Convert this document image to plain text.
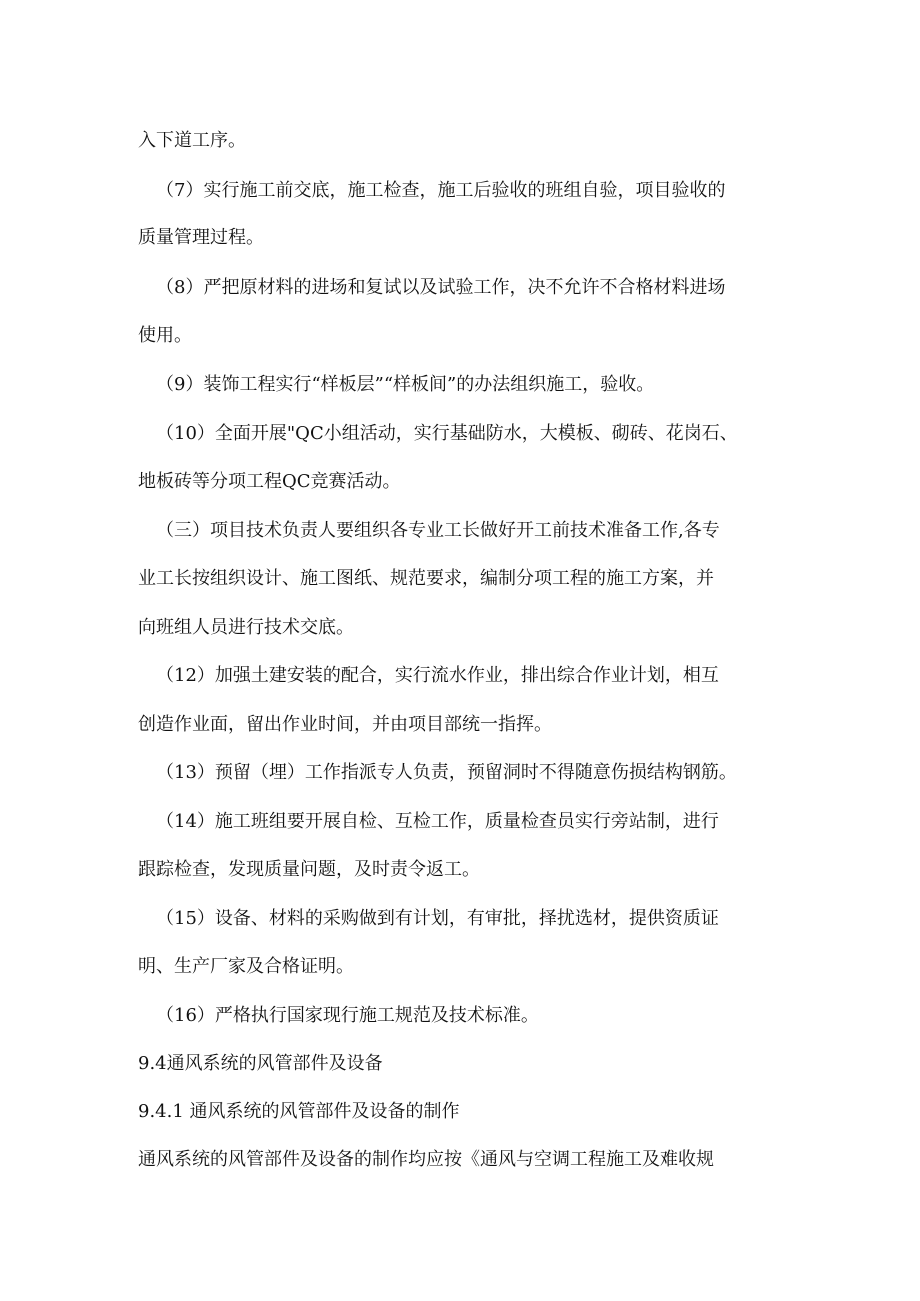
入下道工序。

（7）实行施工前交底，施工检查，施工后验收的班组自验，项目验收的

质量管理过程。

（8）严把原材料的进场和复试以及试验工作，决不允许不合格材料进场

使用。

（9）装饰工程实行“样板层”“样板间”的办法组织施工，验收。

（10）全面开展"QC小组活动，实行基础防水，大模板、砌砖、花岗石、

地板砖等分项工程QC竞赛活动。

（三）项目技术负责人要组织各专业工长做好开工前技术准备工作,各专

业工长按组织设计、施工图纸、规范要求，编制分项工程的施工方案，并

向班组人员进行技术交底。

（12）加强土建安装的配合，实行流水作业，排出综合作业计划，相互

创造作业面，留出作业时间，并由项目部统一指挥。

（13）预留（埋）工作指派专人负责，预留洞时不得随意伤损结构钢筋。

（14）施工班组要开展自检、互检工作，质量检查员实行旁站制，进行

跟踪检查，发现质量问题，及时责令返工。

（15）设备、材料的采购做到有计划，有审批，择扰选材，提供资质证

明、生产厂家及合格证明。

（16）严格执行国家现行施工规范及技术标准。

9.4通风系统的风管部件及设备

9.4.1 通风系统的风管部件及设备的制作

通风系统的风管部件及设备的制作均应按《通风与空调工程施工及难收规
